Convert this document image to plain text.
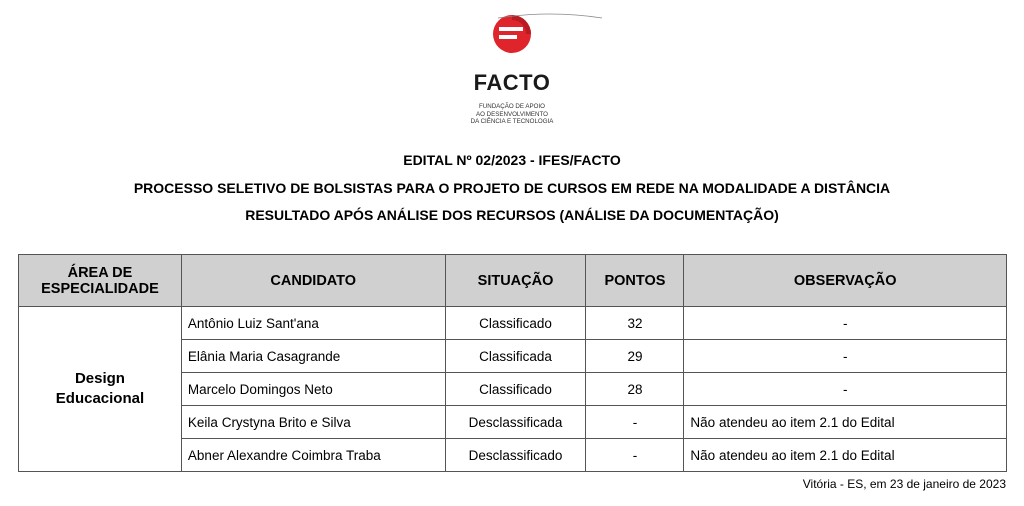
FACTO
FUNDAÇÃO DE APOIO
AO DESENVOLVIMENTO
DA CIÊNCIA E TECNOLOGIA
EDITAL Nº 02/2023 - IFES/FACTO
PROCESSO SELETIVO DE BOLSISTAS PARA O PROJETO DE CURSOS EM REDE NA MODALIDADE A DISTÂNCIA
RESULTADO APÓS ANÁLISE DOS RECURSOS (ANÁLISE DA DOCUMENTAÇÃO)
ÁREA DE
ESPECIALIDADE	CANDIDATO	SITUAÇÃO	PONTOS	OBSERVAÇÃO

Design
Educacional	Antônio Luiz Sant'ana	Classificado	32	-
	Elânia Maria Casagrande	Classificada	29	-
	Marcelo Domingos Neto	Classificado	28	-
	Keila Crystyna Brito e Silva	Desclassificada	-	Não atendeu ao item 2.1 do Edital
	Abner Alexandre Coimbra Traba	Desclassificado	-	Não atendeu ao item 2.1 do Edital
Vitória - ES, em 23 de janeiro de 2023
